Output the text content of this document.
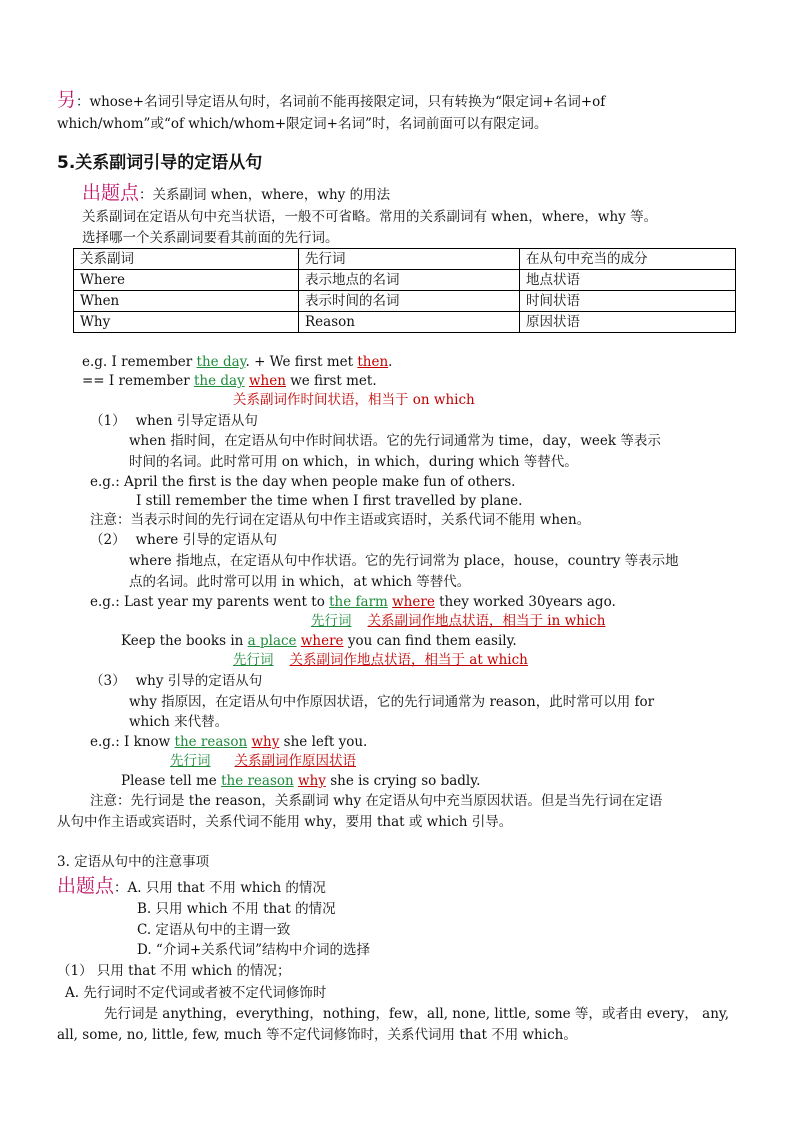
另：whose+名词引导定语从句时，名词前不能再接限定词，只有转换为“限定词+名词+of
which/whom”或“of which/whom+限定词+名词”时，名词前面可以有限定词。
5.关系副词引导的定语从句
出题点：关系副词 when，where，why 的用法
关系副词在定语从句中充当状语，一般不可省略。常用的关系副词有 when，where，why 等。
选择哪一个关系副词要看其前面的先行词。
关系副词	先行词	在从句中充当的成分
Where	表示地点的名词	地点状语
When	表示时间的名词	时间状语
Why	Reason	原因状语
e.g. I remember the day. + We first met then.
== I remember the day when we first met.
关系副词作时间状语，相当于 on which
（1） when 引导定语从句
when 指时间，在定语从句中作时间状语。它的先行词通常为 time，day，week 等表示
时间的名词。此时常可用 on which，in which，during which 等替代。
e.g.: April the first is the day when people make fun of others.
I still remember the time when I first travelled by plane.
注意：当表示时间的先行词在定语从句中作主语或宾语时，关系代词不能用 when。
（2） where 引导的定语从句
where 指地点，在定语从句中作状语。它的先行词常为 place，house，country 等表示地
点的名词。此时常可以用 in which，at which 等替代。
e.g.: Last year my parents went to the farm where they worked 30years ago.
先行词 关系副词作地点状语，相当于 in which
Keep the books in a place where you can find them easily.
先行词 关系副词作地点状语，相当于 at which
（3） why 引导的定语从句
why 指原因，在定语从句中作原因状语，它的先行词通常为 reason，此时常可以用 for
which 来代替。
e.g.: I know the reason why she left you.
先行词 关系副词作原因状语
Please tell me the reason why she is crying so badly.
注意：先行词是 the reason，关系副词 why 在定语从句中充当原因状语。但是当先行词在定语
从句中作主语或宾语时，关系代词不能用 why，要用 that 或 which 引导。
3. 定语从句中的注意事项
出题点：A. 只用 that 不用 which 的情况
B. 只用 which 不用 that 的情况
C. 定语从句中的主谓一致
D. “介词+关系代词”结构中介词的选择
（1） 只用 that 不用 which 的情况；
A. 先行词时不定代词或者被不定代词修饰时
先行词是 anything，everything，nothing，few，all, none, little, some 等，或者由 every， any,
all, some, no, little, few, much 等不定代词修饰时，关系代词用 that 不用 which。
